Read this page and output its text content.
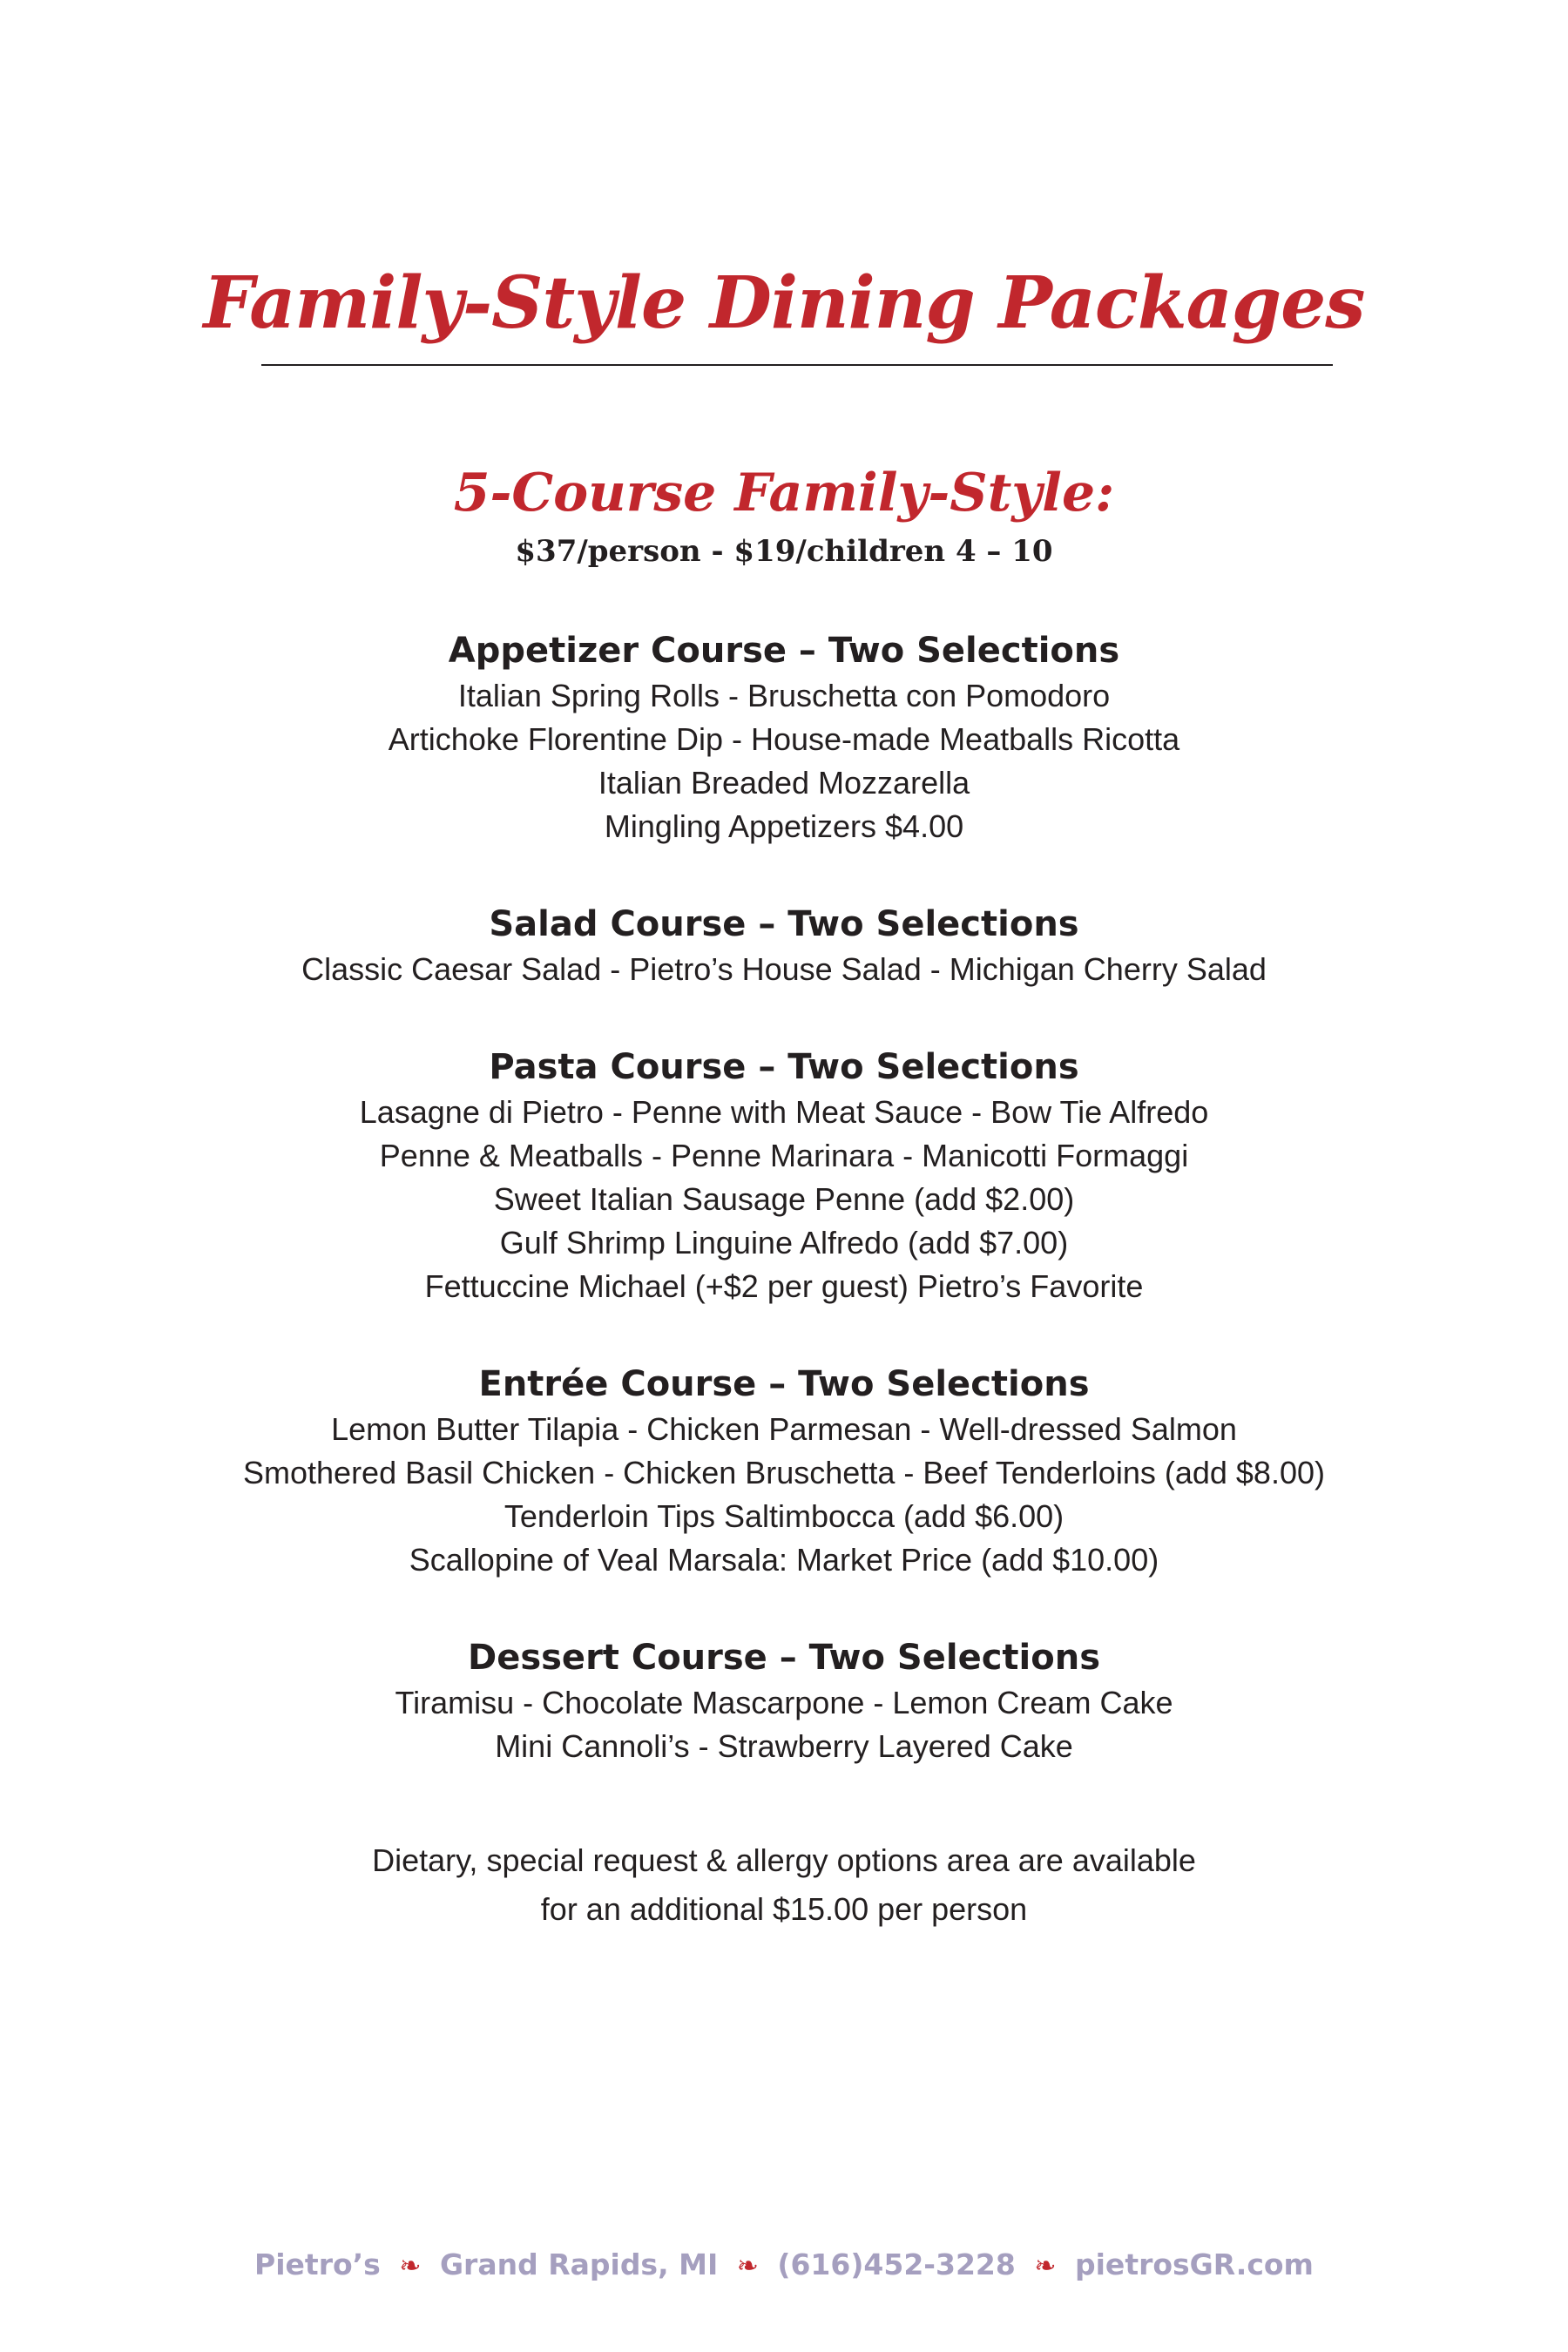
Family-Style Dining Packages
5-Course Family-Style:

$37/person - $19/children 4 – 10

Appetizer Course – Two Selections

Italian Spring Rolls - Bruschetta con Pomodoro

Artichoke Florentine Dip - House-made Meatballs Ricotta

Italian Breaded Mozzarella

Mingling Appetizers $4.00

Salad Course – Two Selections

Classic Caesar Salad - Pietro’s House Salad - Michigan Cherry Salad

Pasta Course – Two Selections

Lasagne di Pietro - Penne with Meat Sauce - Bow Tie Alfredo

Penne & Meatballs - Penne Marinara - Manicotti Formaggi

Sweet Italian Sausage Penne (add $2.00)

Gulf Shrimp Linguine Alfredo (add $7.00)

Fettuccine Michael (+$2 per guest) Pietro’s Favorite

Entrée Course – Two Selections

Lemon Butter Tilapia - Chicken Parmesan - Well-dressed Salmon

Smothered Basil Chicken - Chicken Bruschetta - Beef Tenderloins (add $8.00)

Tenderloin Tips Saltimbocca (add $6.00)

Scallopine of Veal Marsala: Market Price (add $10.00)

Dessert Course – Two Selections

Tiramisu - Chocolate Mascarpone - Lemon Cream Cake

Mini Cannoli’s - Strawberry Layered Cake

Dietary, special request & allergy options area are available

for an additional $15.00 per person

Pietro’s ❧ Grand Rapids, MI ❧ (616)452-3228 ❧ pietrosGR.com
